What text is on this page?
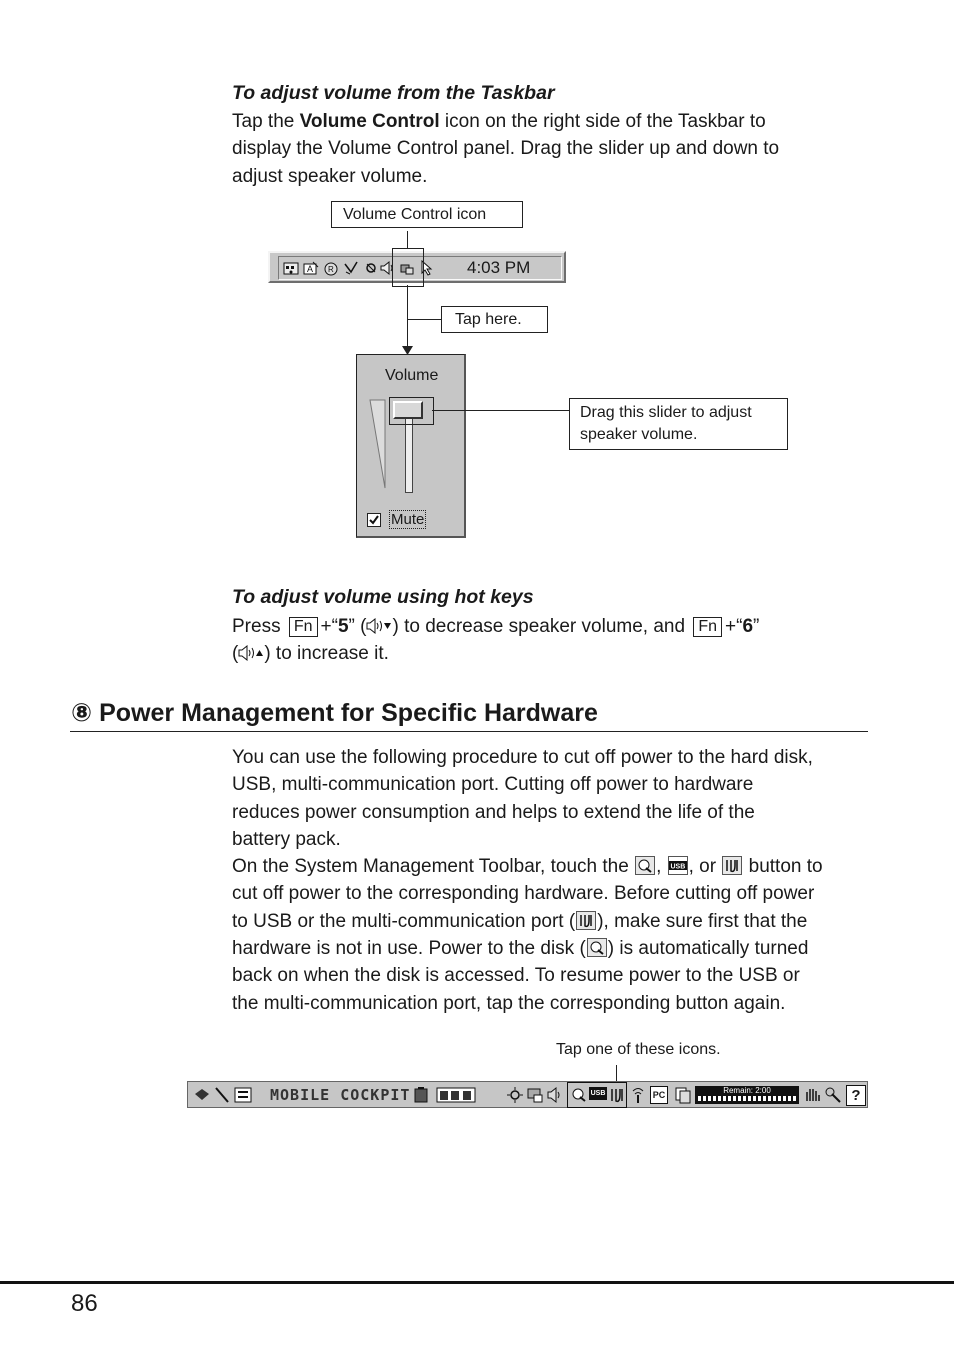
To adjust volume from the Taskbar
Tap the Volume Control icon on the right side of the Taskbar to
display the Volume Control panel. Drag the slider up and down to
adjust speaker volume.
Volume Control icon
A R	4:03 PM
Tap here.
Volume
Mute
Drag this slider to adjust
speaker volume.
To adjust volume using hot keys
Press Fn +“5” ( ) to decrease speaker volume, and Fn +“6”
( ) to increase it.
⑧ Power Management for Specific Hardware
You can use the following procedure to cut off power to the hard disk,
USB, multi-communication port. Cutting off power to hardware
reduces power consumption and helps to extend the life of the
battery pack.
On the System Management Toolbar, touch the , USB , or button to
cut off power to the corresponding hardware. Before cutting off power
to USB or the multi-communication port ( ), make sure first that the
hardware is not in use. Power to the disk ( ) is automatically turned
back on when the disk is accessed. To resume power to the USB or
the multi-communication port, tap the corresponding button again.
Tap one of these icons.
MOBILE COCKPIT	USB	PC	Remain: 2:00	?
86
